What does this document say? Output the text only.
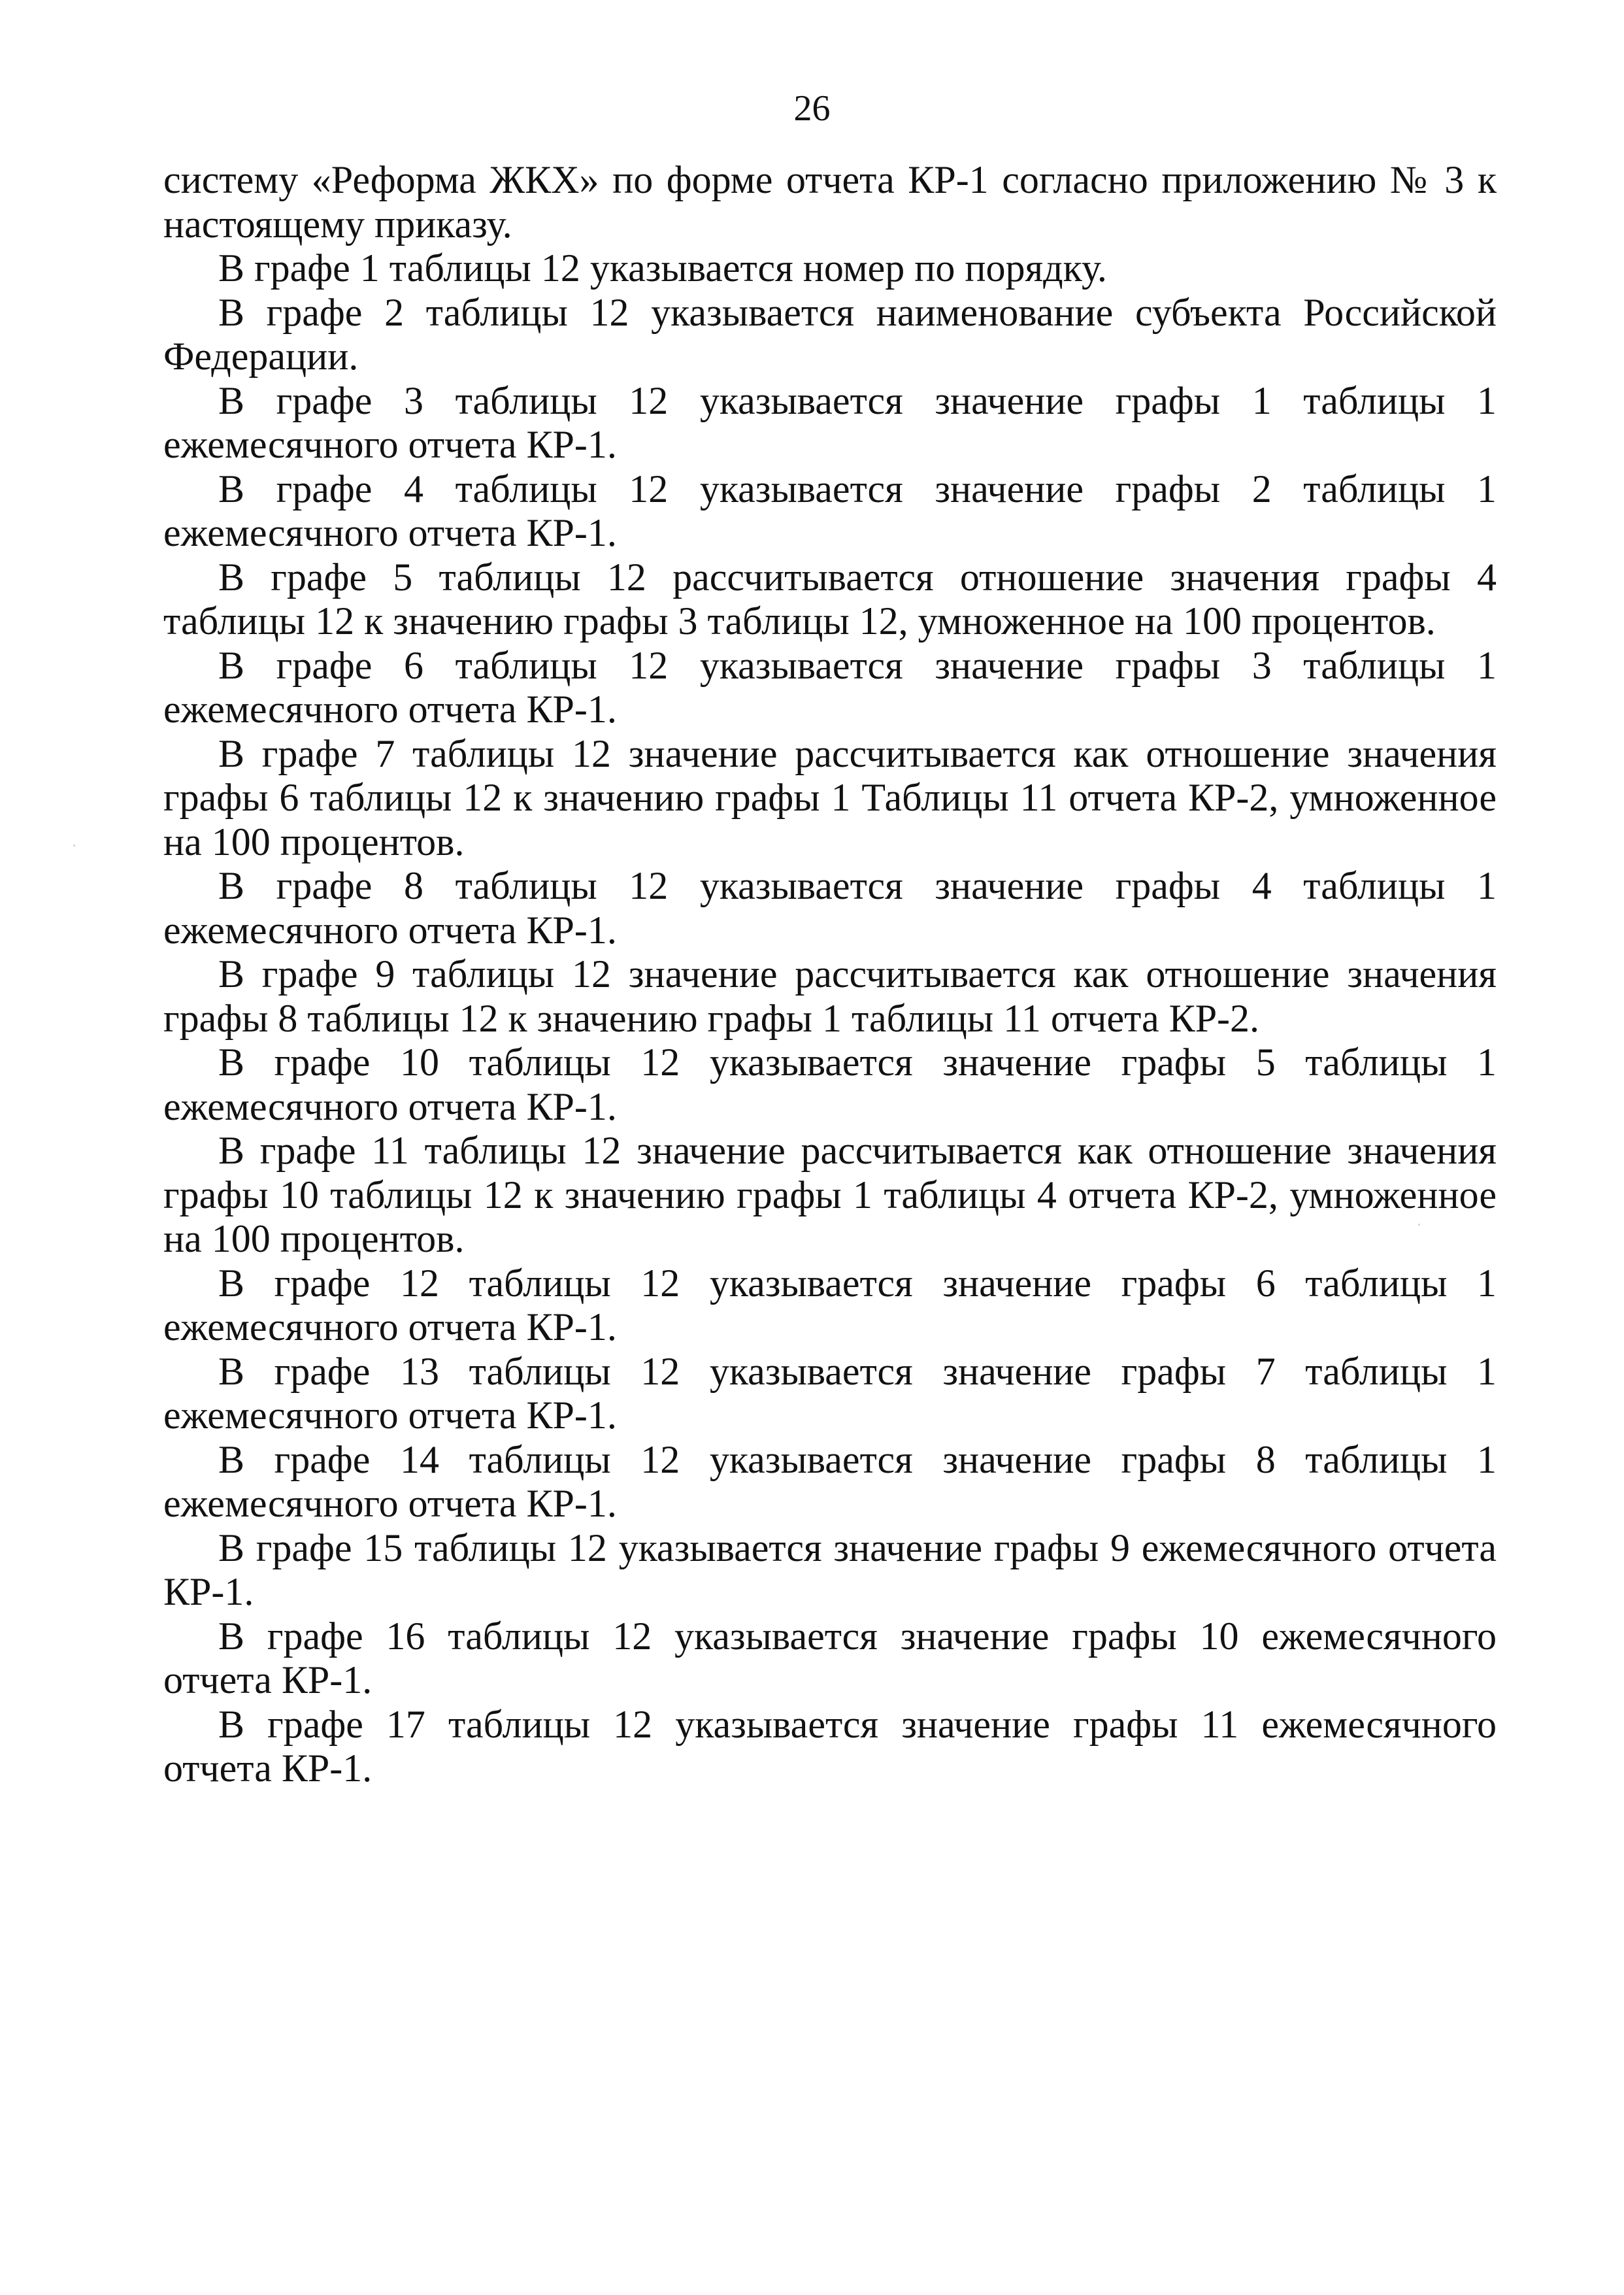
26

систему «Реформа ЖКХ» по форме отчета КР-1 согласно приложению № 3 к настоящему приказу.

В графе 1 таблицы 12 указывается номер по порядку.

В графе 2 таблицы 12 указывается наименование субъекта Российской Федерации.

В графе 3 таблицы 12 указывается значение графы 1 таблицы 1 ежемесячного отчета КР-1.

В графе 4 таблицы 12 указывается значение графы 2 таблицы 1 ежемесячного отчета КР-1.

В графе 5 таблицы 12 рассчитывается отношение значения графы 4 таблицы 12 к значению графы 3 таблицы 12, умноженное на 100 процентов.

В графе 6 таблицы 12 указывается значение графы 3 таблицы 1 ежемесячного отчета КР-1.

В графе 7 таблицы 12 значение рассчитывается как отношение значения графы 6 таблицы 12 к значению графы 1 Таблицы 11 отчета КР-2, умноженное на 100 процентов.

В графе 8 таблицы 12 указывается значение графы 4 таблицы 1 ежемесячного отчета КР-1.

В графе 9 таблицы 12 значение рассчитывается как отношение значения графы 8 таблицы 12 к значению графы 1 таблицы 11 отчета КР-2.

В графе 10 таблицы 12 указывается значение графы 5 таблицы 1 ежемесячного отчета КР-1.

В графе 11 таблицы 12 значение рассчитывается как отношение значения графы 10 таблицы 12 к значению графы 1 таблицы 4 отчета КР-2, умноженное на 100 процентов.

В графе 12 таблицы 12 указывается значение графы 6 таблицы 1 ежемесячного отчета КР-1.

В графе 13 таблицы 12 указывается значение графы 7 таблицы 1 ежемесячного отчета КР-1.

В графе 14 таблицы 12 указывается значение графы 8 таблицы 1 ежемесячного отчета КР-1.

В графе 15 таблицы 12 указывается значение графы 9 ежемесячного отчета КР-1.

В графе 16 таблицы 12 указывается значение графы 10 ежемесячного отчета КР-1.

В графе 17 таблицы 12 указывается значение графы 11 ежемесячного отчета КР-1.
